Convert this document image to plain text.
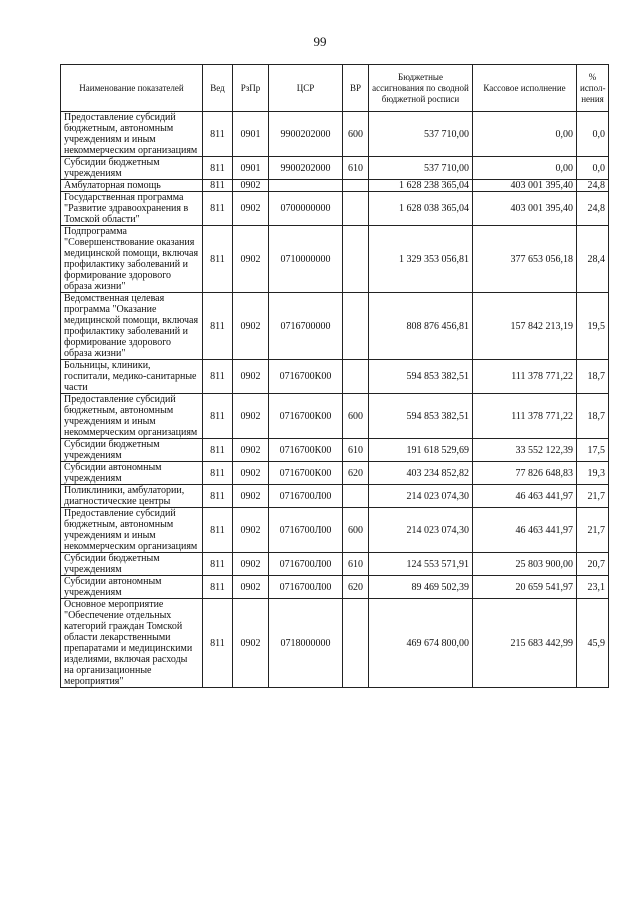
99
Наименование показателей	Вед	РзПр	ЦСР	ВР	Бюджетные ассигнования по сводной бюджетной росписи	Кассовое исполнение	% испол-нения
Предоставление субсидий бюджетным, автономным учреждениям и иным некоммерческим организациям	811	0901	9900202000	600	537 710,00	0,00	0,0
Субсидии бюджетным учреждениям	811	0901	9900202000	610	537 710,00	0,00	0,0
Амбулаторная помощь	811	0902			1 628 238 365,04	403 001 395,40	24,8
Государственная программа "Развитие здравоохранения в Томской области"	811	0902	0700000000		1 628 038 365,04	403 001 395,40	24,8
Подпрограмма "Совершенствование оказания медицинской помощи, включая профилактику заболеваний и формирование здорового образа жизни"	811	0902	0710000000		1 329 353 056,81	377 653 056,18	28,4
Ведомственная целевая программа "Оказание медицинской помощи, включая профилактику заболеваний и формирование здорового образа жизни"	811	0902	0716700000		808 876 456,81	157 842 213,19	19,5
Больницы, клиники, госпитали, медико-санитарные части	811	0902	0716700К00		594 853 382,51	111 378 771,22	18,7
Предоставление субсидий бюджетным, автономным учреждениям и иным некоммерческим организациям	811	0902	0716700К00	600	594 853 382,51	111 378 771,22	18,7
Субсидии бюджетным учреждениям	811	0902	0716700К00	610	191 618 529,69	33 552 122,39	17,5
Субсидии автономным учреждениям	811	0902	0716700К00	620	403 234 852,82	77 826 648,83	19,3
Поликлиники, амбулатории, диагностические центры	811	0902	0716700Л00		214 023 074,30	46 463 441,97	21,7
Предоставление субсидий бюджетным, автономным учреждениям и иным некоммерческим организациям	811	0902	0716700Л00	600	214 023 074,30	46 463 441,97	21,7
Субсидии бюджетным учреждениям	811	0902	0716700Л00	610	124 553 571,91	25 803 900,00	20,7
Субсидии автономным учреждениям	811	0902	0716700Л00	620	89 469 502,39	20 659 541,97	23,1
Основное мероприятие "Обеспечение отдельных категорий граждан Томской области лекарственными препаратами и медицинскими изделиями, включая расходы на организационные мероприятия"	811	0902	0718000000		469 674 800,00	215 683 442,99	45,9
